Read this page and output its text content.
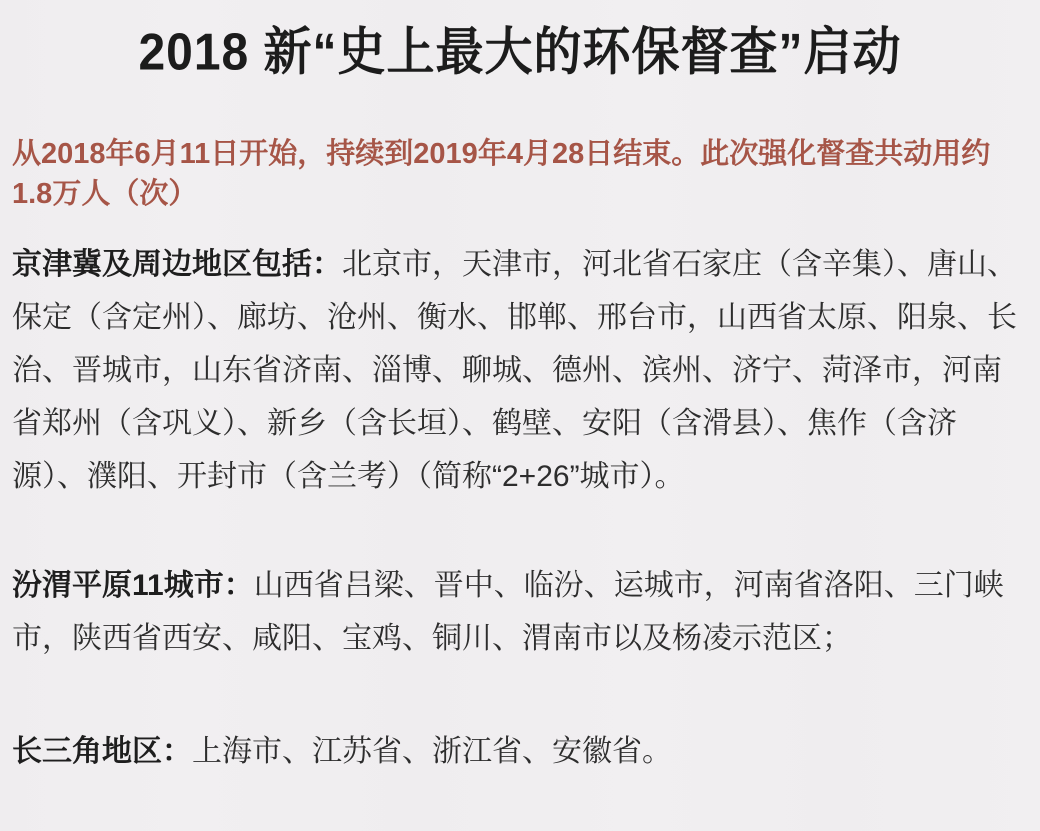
2018 新“史上最大的环保督查”启动

从2018年6月11日开始，持续到2019年4月28日结束。此次强化督查共动用约1.8万人（次）

京津冀及周边地区包括：北京市，天津市，河北省石家庄（含辛集）、唐山、保定（含定州）、廊坊、沧州、衡水、邯郸、邢台市，山西省太原、阳泉、长治、晋城市，山东省济南、淄博、聊城、德州、滨州、济宁、菏泽市，河南省郑州（含巩义）、新乡（含长垣）、鹤壁、安阳（含滑县）、焦作（含济源）、濮阳、开封市（含兰考）（简称“2+26”城市）。

汾渭平原11城市：山西省吕梁、晋中、临汾、运城市，河南省洛阳、三门峡市，陕西省西安、咸阳、宝鸡、铜川、渭南市以及杨凌示范区；

长三角地区：上海市、江苏省、浙江省、安徽省。
